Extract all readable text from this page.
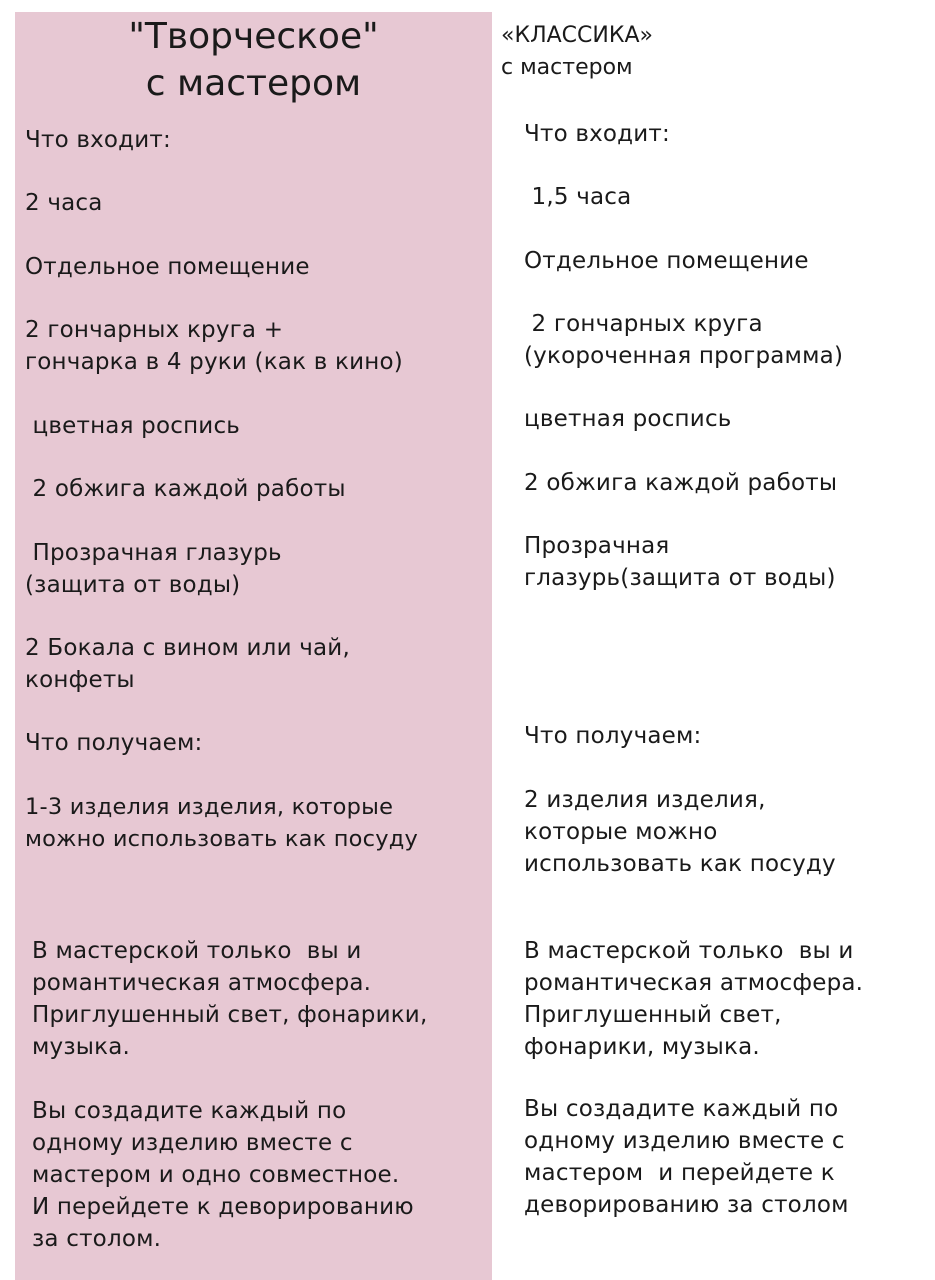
"Творческое"
с мастером

Что входит:

2 часа

Отдельное помещение

2 гончарных круга +
гончарка в 4 руки (как в кино)

цветная роспись

2 обжига каждой работы

Прозрачная глазурь
(защита от воды)

2 Бокала с вином или чай,
конфеты

Что получаем:

1-3 изделия изделия, которые
можно использовать как посуду

В мастерской только  вы и
романтическая атмосфера.
Приглушенный свет, фонарики,
музыка.

Вы создадите каждый по
одному изделию вместе с
мастером и одно совместное.
И перейдете к деворированию
за столом.

«КЛАССИКА»
с мастером

Что входит:

1,5 часа

Отдельное помещение

2 гончарных круга
(укороченная программа)

цветная роспись

2 обжига каждой работы

Прозрачная
глазурь(защита от воды)

Что получаем:

2 изделия изделия,
которые можно
использовать как посуду

В мастерской только  вы и
романтическая атмосфера.
Приглушенный свет,
фонарики, музыка.

Вы создадите каждый по
одному изделию вместе с
мастером  и перейдете к
деворированию за столом
